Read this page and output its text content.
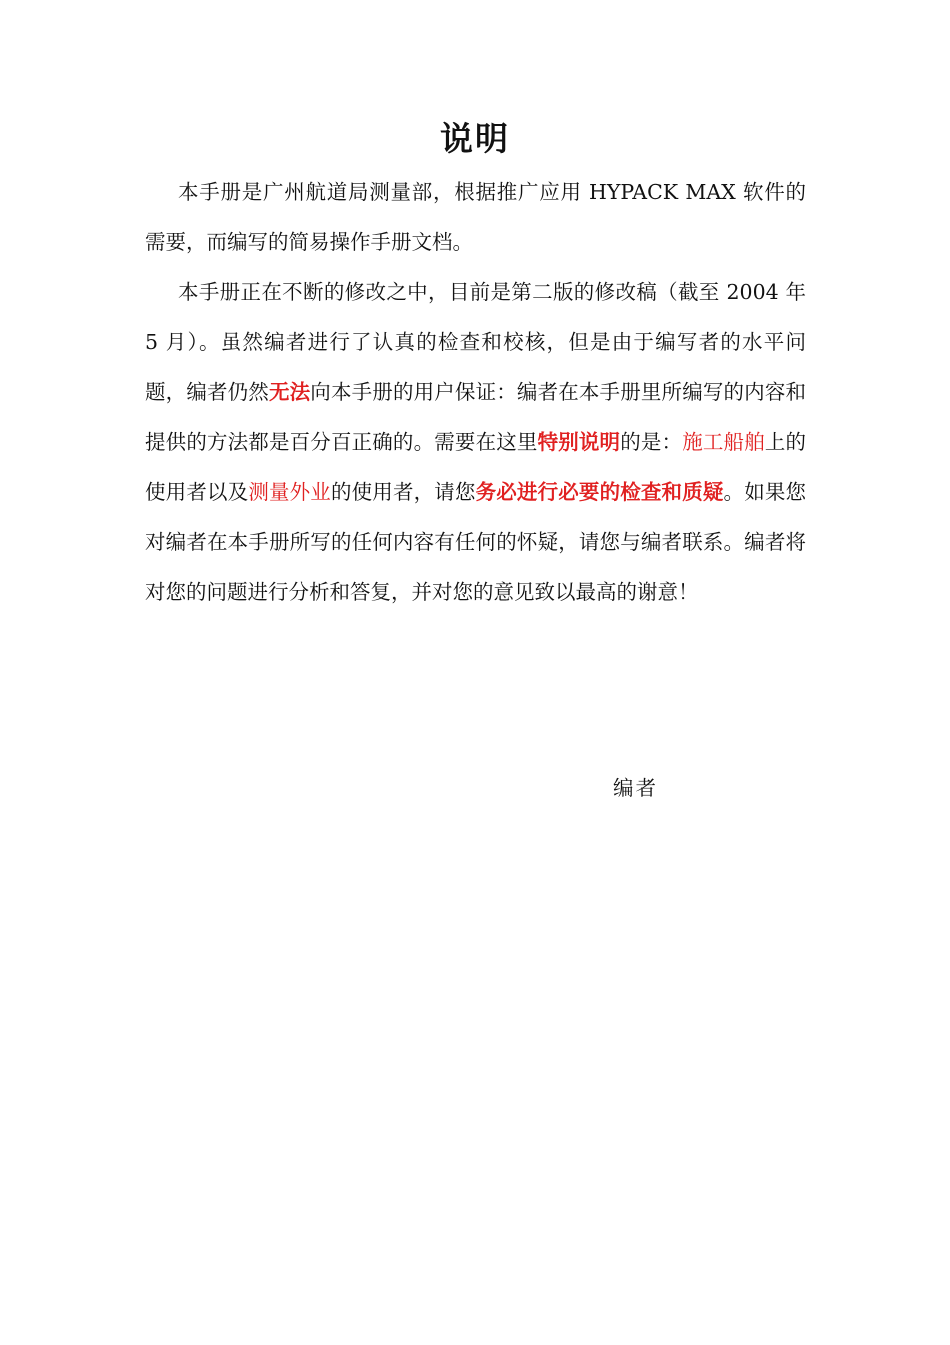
说明

本手册是广州航道局测量部，根据推广应用 HYPACK MAX 软件的需要，而编写的简易操作手册文档。

本手册正在不断的修改之中，目前是第二版的修改稿（截至 2004 年 5 月）。虽然编者进行了认真的检查和校核，但是由于编写者的水平问题，编者仍然无法向本手册的用户保证：编者在本手册里所编写的内容和提供的方法都是百分百正确的。需要在这里特别说明的是：施工船舶上的使用者以及测量外业的使用者，请您务必进行必要的检查和质疑。如果您对编者在本手册所写的任何内容有任何的怀疑，请您与编者联系。编者将对您的问题进行分析和答复，并对您的意见致以最高的谢意！

编者
